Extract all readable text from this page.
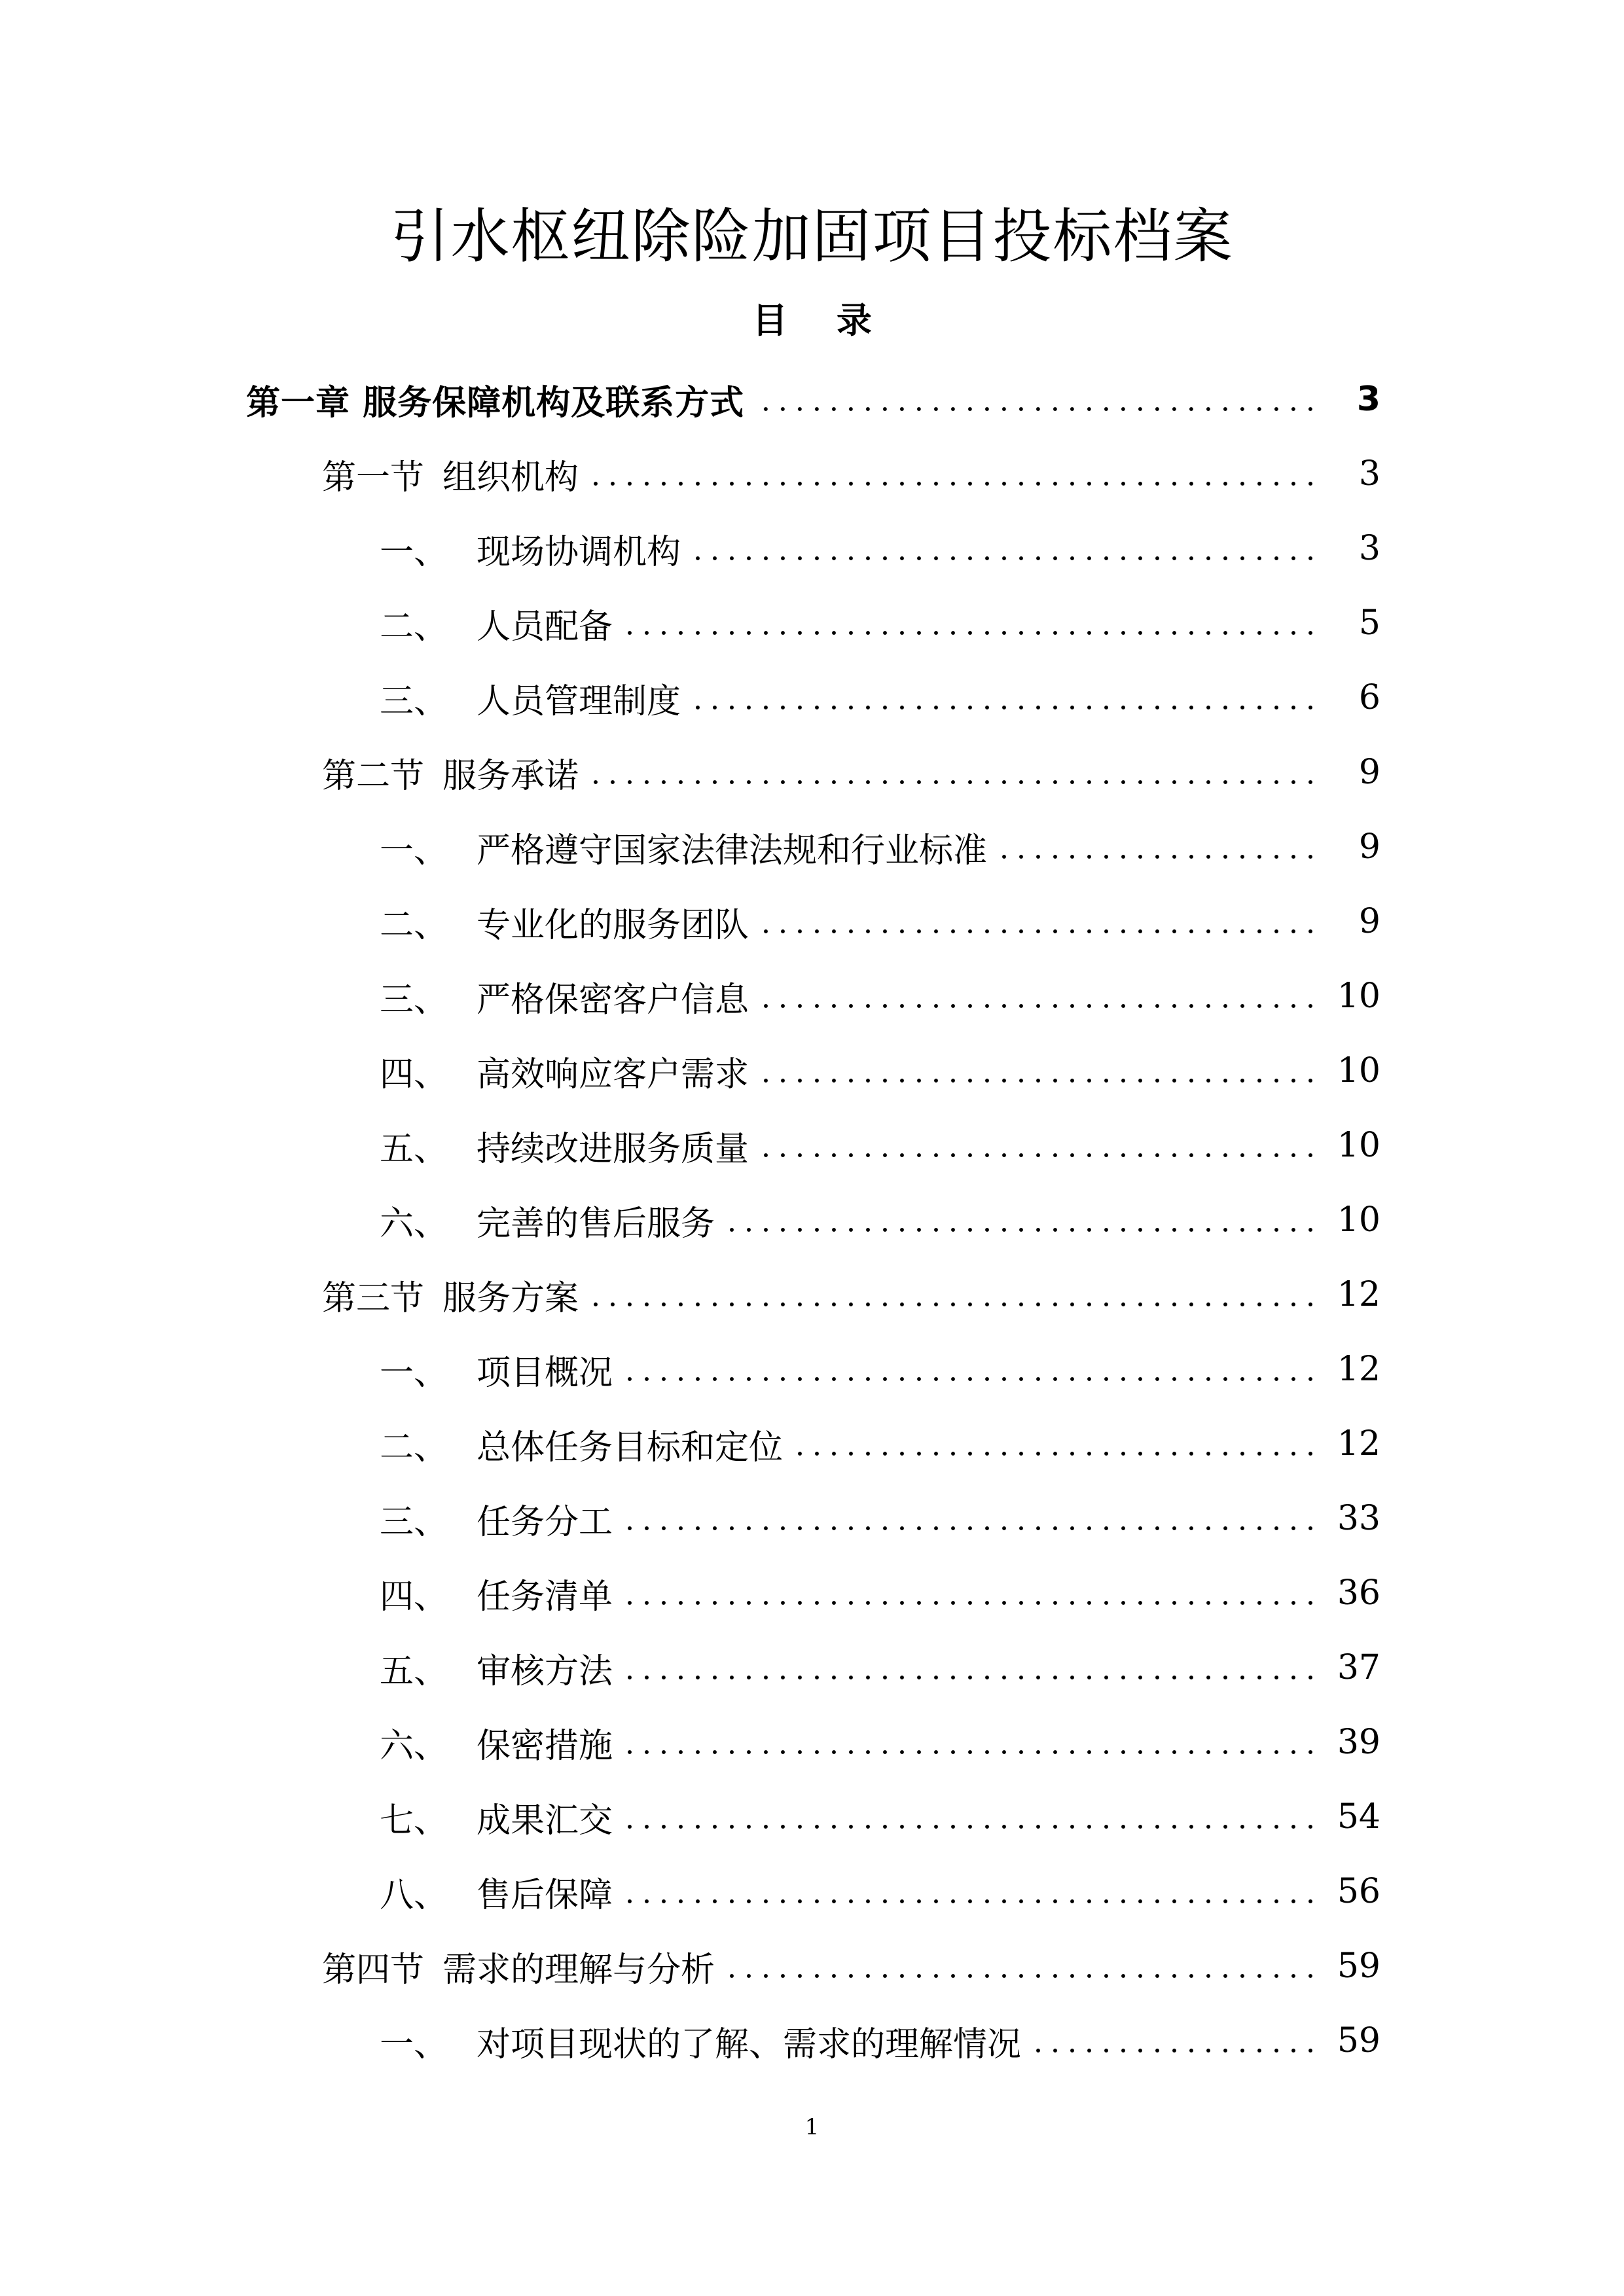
引水枢纽除险加固项目投标档案
目 录
第一章 服务保障机构及联系方式	3
第一节 组织机构	3
一、 现场协调机构	3
二、 人员配备	5
三、 人员管理制度	6
第二节 服务承诺	9
一、 严格遵守国家法律法规和行业标准	9
二、 专业化的服务团队	9
三、 严格保密客户信息	10
四、 高效响应客户需求	10
五、 持续改进服务质量	10
六、 完善的售后服务	10
第三节 服务方案	12
一、 项目概况	12
二、 总体任务目标和定位	12
三、 任务分工	33
四、 任务清单	36
五、 审核方法	37
六、 保密措施	39
七、 成果汇交	54
八、 售后保障	56
第四节 需求的理解与分析	59
一、 对项目现状的了解、需求的理解情况	59
1
